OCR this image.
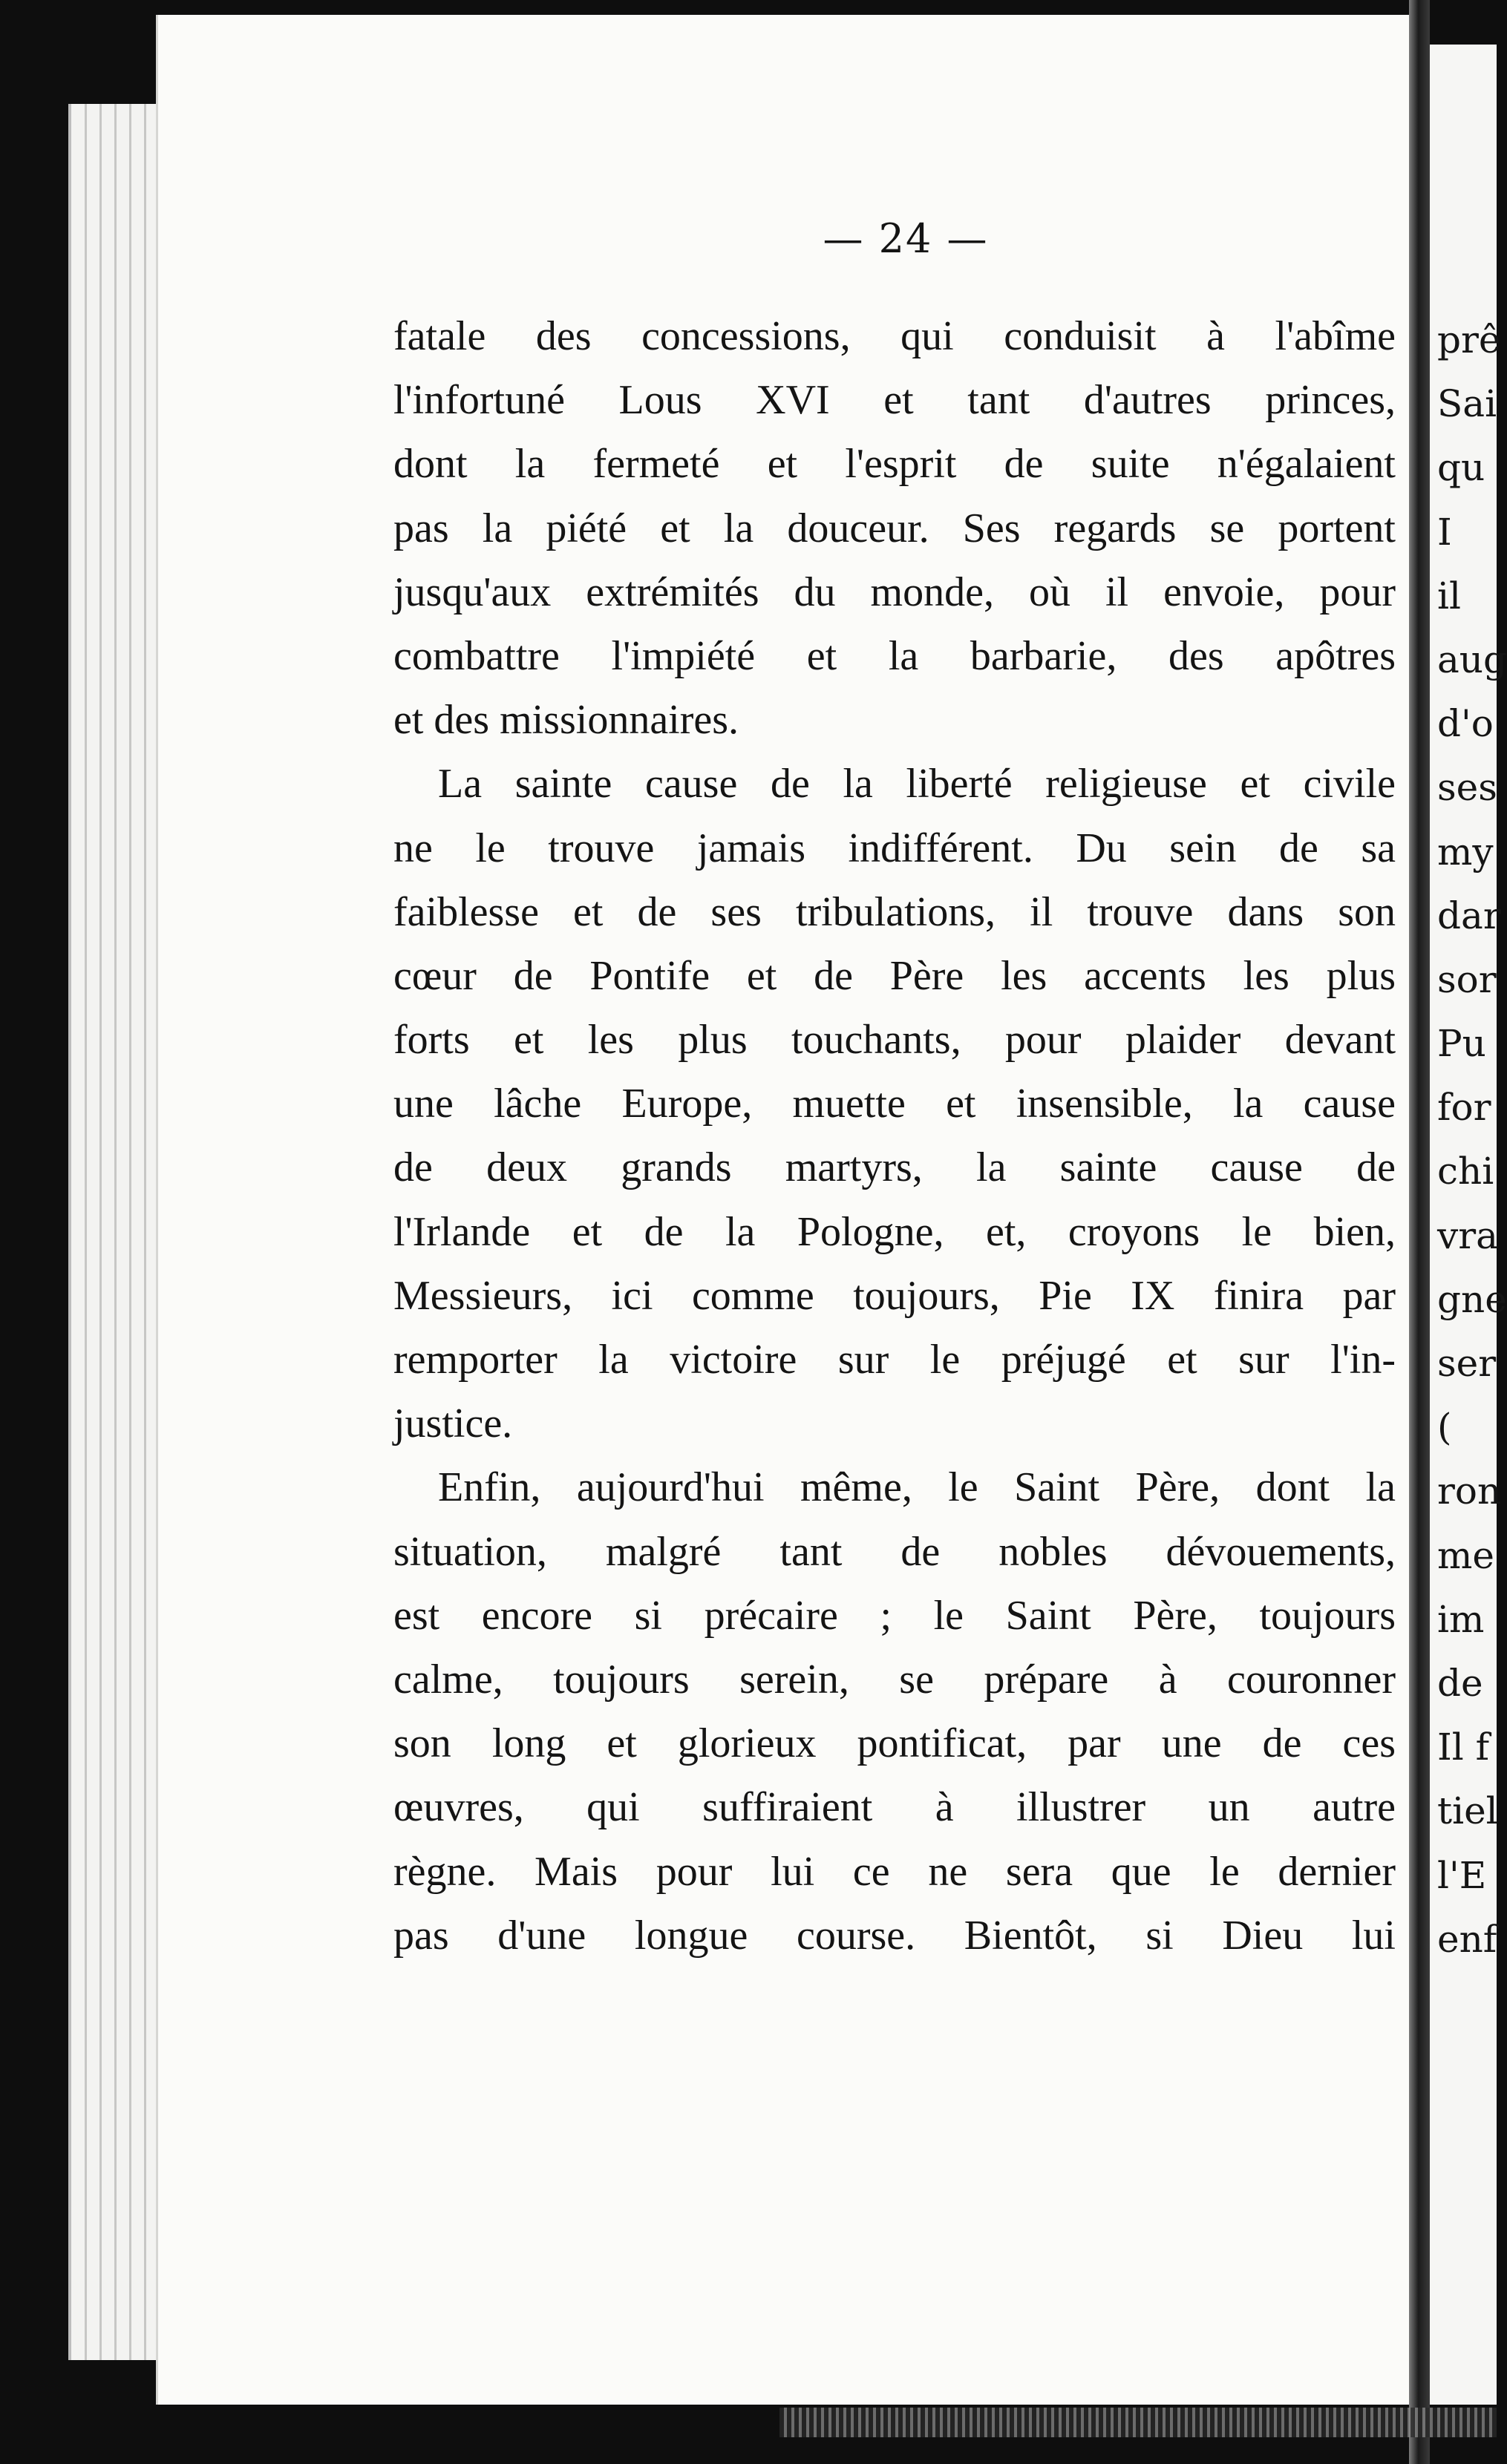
— 24 —
fatale des concessions, qui conduisit à l'abîme
l'infortuné Lous XVI et tant d'autres princes,
dont la fermeté et l'esprit de suite n'égalaient
pas la piété et la douceur. Ses regards se portent
jusqu'aux extrémités du monde, où il envoie, pour
combattre l'impiété et la barbarie, des apôtres
et des missionnaires.
La sainte cause de la liberté religieuse et civile
ne le trouve jamais indifférent. Du sein de sa
faiblesse et de ses tribulations, il trouve dans son
cœur de Pontife et de Père les accents les plus
forts et les plus touchants, pour plaider devant
une lâche Europe, muette et insensible, la cause
de deux grands martyrs, la sainte cause de
l'Irlande et de la Pologne, et, croyons le bien,
Messieurs, ici comme toujours, Pie IX finira par
remporter la victoire sur le préjugé et sur l'in-
justice.
Enfin, aujourd'hui même, le Saint Père, dont la
situation, malgré tant de nobles dévouements,
est encore si précaire ; le Saint Père, toujours
calme, toujours serein, se prépare à couronner
son long et glorieux pontificat, par une de ces
œuvres, qui suffiraient à illustrer un autre
règne. Mais pour lui ce ne sera que le dernier
pas d'une longue course. Bientôt, si Dieu lui
prê
Sai
qu
I
il
aug
d'o
ses
my
dar
sor
Pu
for
chi
vra
gne
ser
(
ron
me
im
de
Il f
tiel
l'E
enf
